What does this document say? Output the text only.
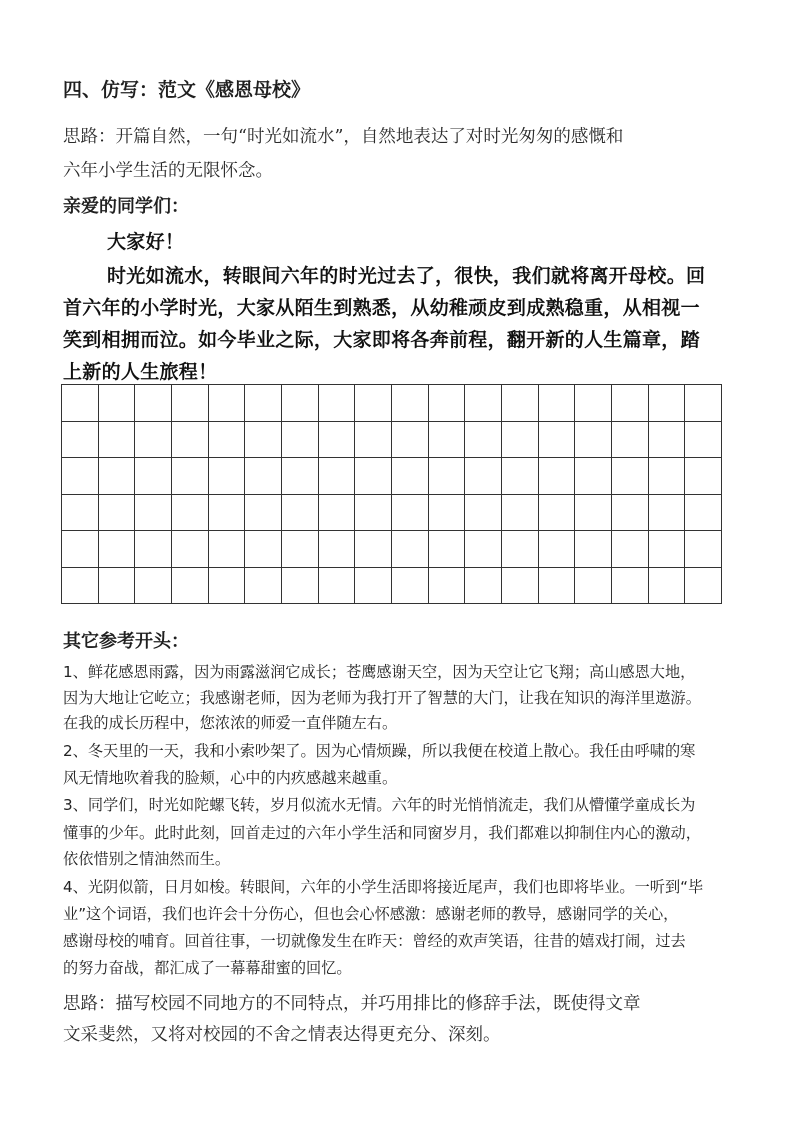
四、仿写：范文《感恩母校》
思路：开篇自然，一句“时光如流水”，自然地表达了对时光匆匆的感慨和
六年小学生活的无限怀念。
亲爱的同学们：
大家好！
时光如流水，转眼间六年的时光过去了，很快，我们就将离开母校。回
首六年的小学时光，大家从陌生到熟悉，从幼稚顽皮到成熟稳重，从相视一
笑到相拥而泣。如今毕业之际，大家即将各奔前程，翻开新的人生篇章，踏
上新的人生旅程！
其它参考开头：
1、鲜花感恩雨露，因为雨露滋润它成长；苍鹰感谢天空，因为天空让它飞翔；高山感恩大地，
因为大地让它屹立；我感谢老师，因为老师为我打开了智慧的大门，让我在知识的海洋里遨游。
在我的成长历程中，您浓浓的师爱一直伴随左右。
2、冬天里的一天，我和小索吵架了。因为心情烦躁，所以我便在校道上散心。我任由呼啸的寒
风无情地吹着我的脸颊，心中的内疚感越来越重。
3、同学们，时光如陀螺飞转，岁月似流水无情。六年的时光悄悄流走，我们从懵懂学童成长为
懂事的少年。此时此刻，回首走过的六年小学生活和同窗岁月，我们都难以抑制住内心的激动，
依依惜别之情油然而生。
4、光阴似箭，日月如梭。转眼间，六年的小学生活即将接近尾声，我们也即将毕业。一听到“毕
业”这个词语，我们也许会十分伤心，但也会心怀感激：感谢老师的教导，感谢同学的关心，
感谢母校的哺育。回首往事，一切就像发生在昨天：曾经的欢声笑语，往昔的嬉戏打闹，过去
的努力奋战，都汇成了一幕幕甜蜜的回忆。
思路：描写校园不同地方的不同特点，并巧用排比的修辞手法，既使得文章
文采斐然，又将对校园的不舍之情表达得更充分、深刻。
